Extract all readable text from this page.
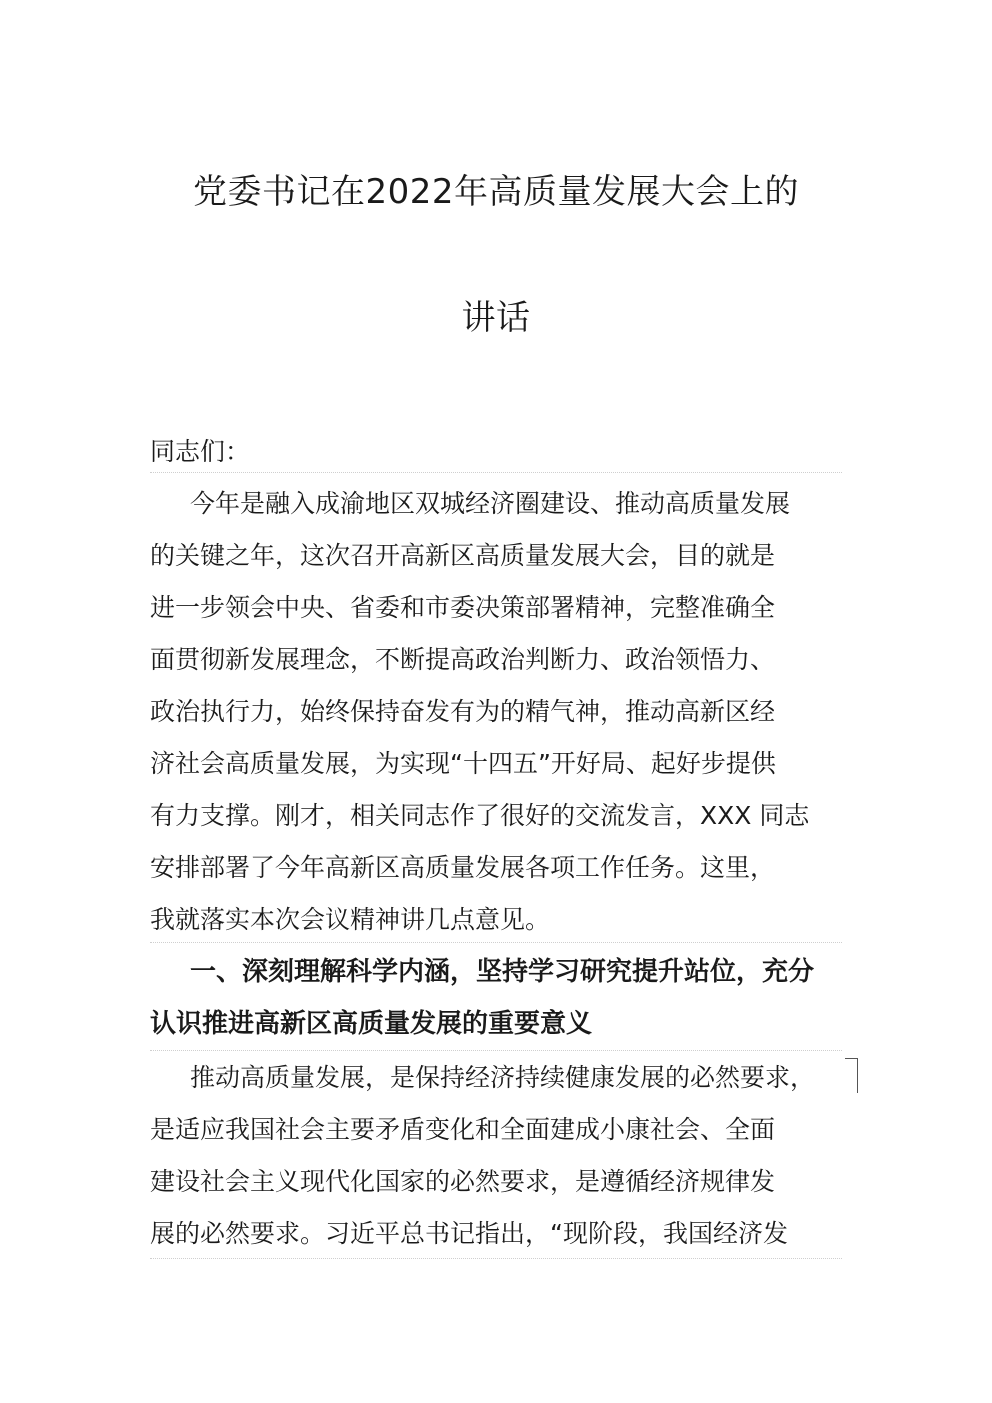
党委书记在2022年高质量发展大会上的
讲话
同志们：
今年是融入成渝地区双城经济圈建设、推动高质量发展
的关键之年，这次召开高新区高质量发展大会，目的就是
进一步领会中央、省委和市委决策部署精神，完整准确全
面贯彻新发展理念，不断提高政治判断力、政治领悟力、
政治执行力，始终保持奋发有为的精气神，推动高新区经
济社会高质量发展，为实现“十四五”开好局、起好步提供
有力支撑。刚才，相关同志作了很好的交流发言，XXX 同志
安排部署了今年高新区高质量发展各项工作任务。这里，
我就落实本次会议精神讲几点意见。
一、深刻理解科学内涵，坚持学习研究提升站位，充分
认识推进高新区高质量发展的重要意义
推动高质量发展，是保持经济持续健康发展的必然要求，
是适应我国社会主要矛盾变化和全面建成小康社会、全面
建设社会主义现代化国家的必然要求，是遵循经济规律发
展的必然要求。习近平总书记指出，“现阶段，我国经济发
